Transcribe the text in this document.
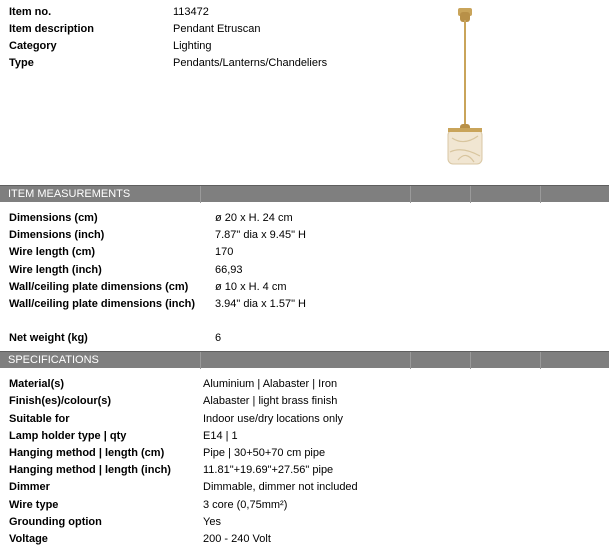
Item no.	113472
Item description	Pendant Etruscan
Category	Lighting
Type	Pendants/Lanterns/Chandeliers
ITEM MEASUREMENTS
Dimensions (cm)	ø 20 x H. 24 cm
Dimensions (inch)	7.87" dia x 9.45" H
Wire length (cm)	170
Wire length (inch)	66,93
Wall/ceiling plate dimensions (cm) ø 10 x H. 4 cm
Wall/ceiling plate dimensions (inch) 3.94" dia x 1.57" H
Net weight (kg)	6
SPECIFICATIONS
Material(s)	Aluminium | Alabaster | Iron
Finish(es)/colour(s)	Alabaster | light brass finish
Suitable for	Indoor use/dry locations only
Lamp holder type | qty	E14 | 1
Hanging method | length (cm)	Pipe | 30+50+70 cm pipe
Hanging method | length (inch)	11.81"+19.69"+27.56" pipe
Dimmer	Dimmable, dimmer not included
Wire type	3 core (0,75mm²)
Grounding option	Yes
Voltage	200 - 240 Volt
